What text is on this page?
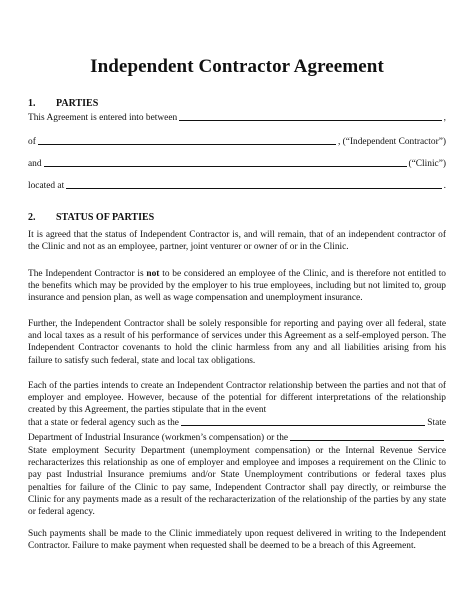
Independent Contractor Agreement
1. PARTIES
This Agreement is entered into between	,
of	, (“Independent Contractor”)
and	(“Clinic”)
located at	.
2. STATUS OF PARTIES

It is agreed that the status of Independent Contractor is, and will remain, that of an independent contractor of the Clinic and not as an employee, partner, joint venturer or owner of or in the Clinic.

The Independent Contractor is not to be considered an employee of the Clinic, and is therefore not entitled to the benefits which may be provided by the employer to his true employees, including but not limited to, group insurance and pension plan, as well as wage compensation and unemployment insurance.

Further, the Independent Contractor shall be solely responsible for reporting and paying over all federal, state and local taxes as a result of his performance of services under this Agreement as a self-employed person. The Independent Contractor covenants to hold the clinic harmless from any and all liabilities arising from his failure to satisfy such federal, state and local tax obligations.

Each of the parties intends to create an Independent Contractor relationship between the parties and not that of employer and employee. However, because of the potential for different interpretations of the relationship created by this Agreement, the parties stipulate that in the event

that a state or federal agency such as the	State
Department of Industrial Insurance (workmen’s compensation) or the

State employment Security Department (unemployment compensation) or the Internal Revenue Service recharacterizes this relationship as one of employer and employee and imposes a requirement on the Clinic to pay past Industrial Insurance premiums and/or State Unemployment contributions or federal taxes plus penalties for failure of the Clinic to pay same, Independent Contractor shall pay directly, or reimburse the Clinic for any payments made as a result of the recharacterization of the relationship of the parties by any state or federal agency.

Such payments shall be made to the Clinic immediately upon request delivered in writing to the Independent Contractor. Failure to make payment when requested shall be deemed to be a breach of this Agreement.
